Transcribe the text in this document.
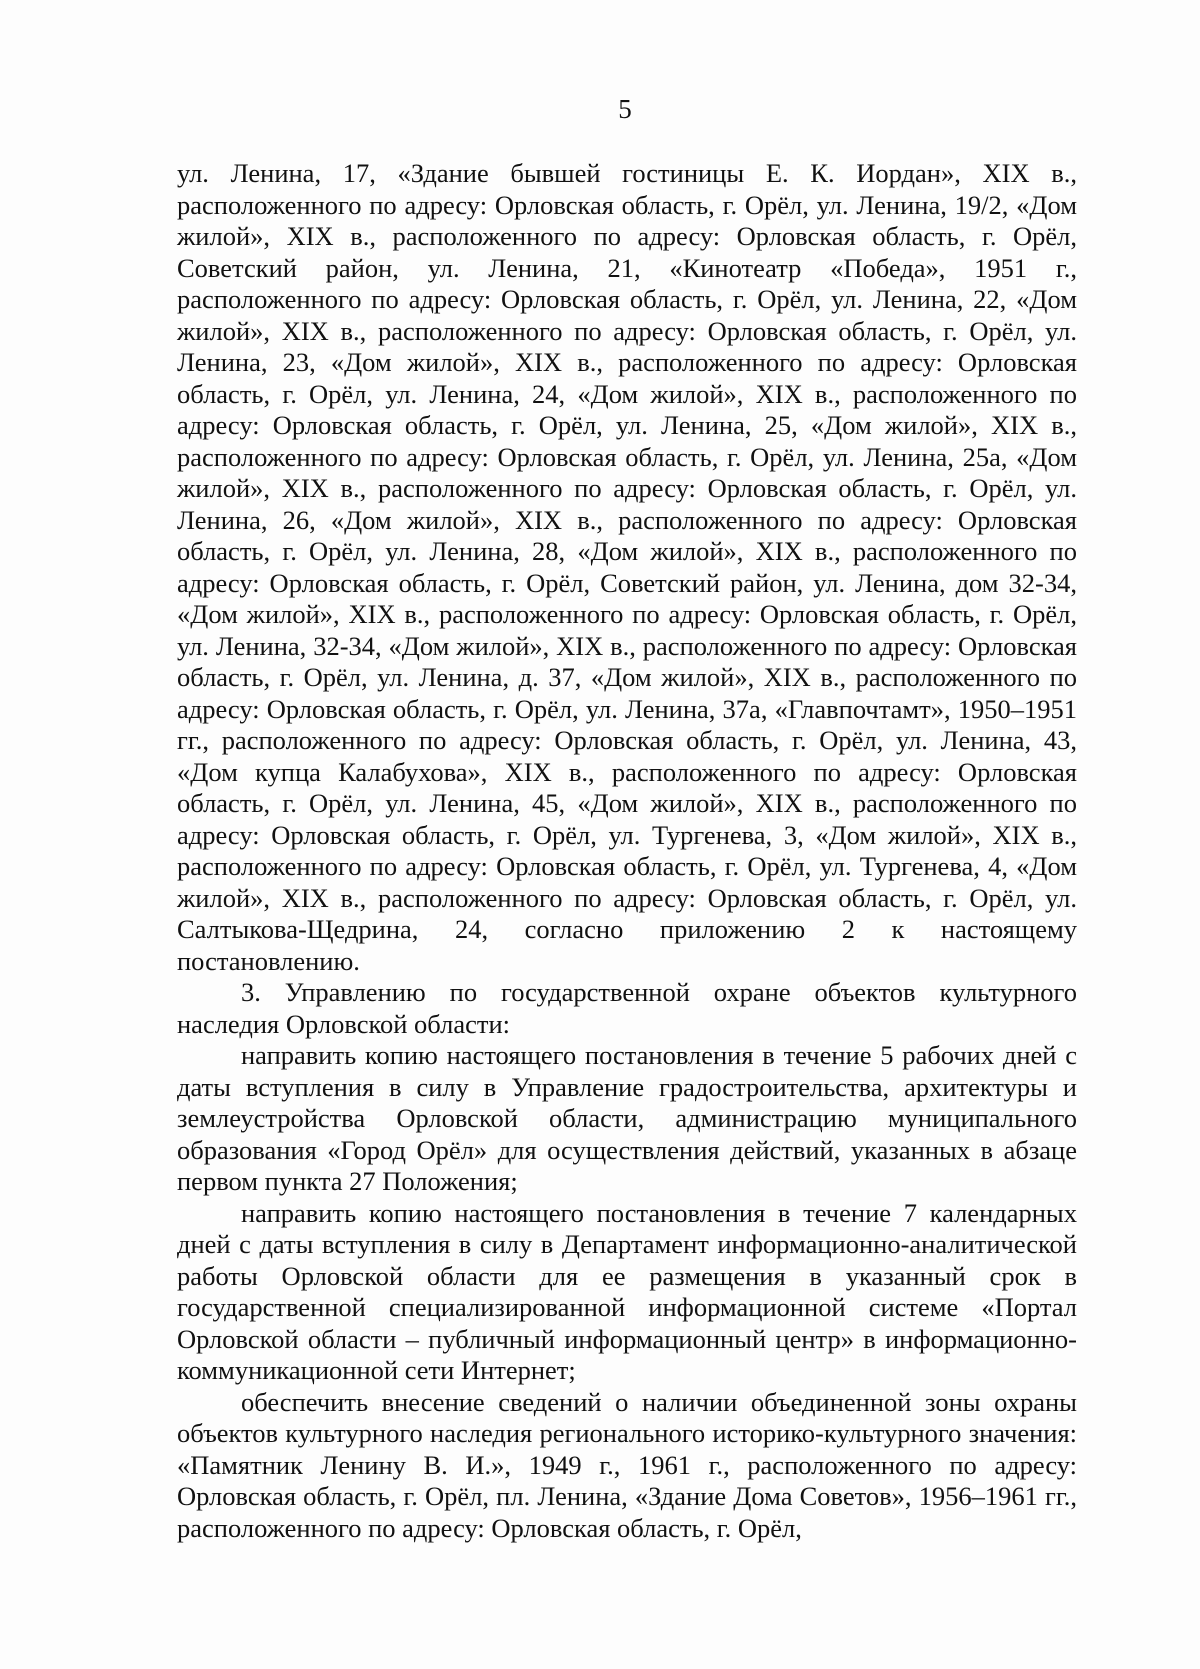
5

ул. Ленина, 17, «Здание бывшей гостиницы Е. К. Иордан», XIX в., расположенного по адресу: Орловская область, г. Орёл, ул. Ленина, 19/2, «Дом жилой», XIX в., расположенного по адресу: Орловская область, г. Орёл, Советский район, ул. Ленина, 21, «Кинотеатр «Победа», 1951 г., расположенного по адресу: Орловская область, г. Орёл, ул. Ленина, 22, «Дом жилой», XIX в., расположенного по адресу: Орловская область, г. Орёл, ул. Ленина, 23, «Дом жилой», XIX в., расположенного по адресу: Орловская область, г. Орёл, ул. Ленина, 24, «Дом жилой», XIX в., расположенного по адресу: Орловская область, г. Орёл, ул. Ленина, 25, «Дом жилой», XIX в., расположенного по адресу: Орловская область, г. Орёл, ул. Ленина, 25а, «Дом жилой», XIX в., расположенного по адресу: Орловская область, г. Орёл, ул. Ленина, 26, «Дом жилой», XIX в., расположенного по адресу: Орловская область, г. Орёл, ул. Ленина, 28, «Дом жилой», XIX в., расположенного по адресу: Орловская область, г. Орёл, Советский район, ул. Ленина, дом 32-34, «Дом жилой», XIX в., расположенного по адресу: Орловская область, г. Орёл, ул. Ленина, 32-34, «Дом жилой», XIX в., расположенного по адресу: Орловская область, г. Орёл, ул. Ленина, д. 37, «Дом жилой», XIX в., расположенного по адресу: Орловская область, г. Орёл, ул. Ленина, 37а, «Главпочтамт», 1950–1951 гг., расположенного по адресу: Орловская область, г. Орёл, ул. Ленина, 43, «Дом купца Калабухова», XIX в., расположенного по адресу: Орловская область, г. Орёл, ул. Ленина, 45, «Дом жилой», XIX в., расположенного по адресу: Орловская область, г. Орёл, ул. Тургенева, 3, «Дом жилой», XIX в., расположенного по адресу: Орловская область, г. Орёл, ул. Тургенева, 4, «Дом жилой», XIX в., расположенного по адресу: Орловская область, г. Орёл, ул. Салтыкова-Щедрина, 24, согласно приложению 2 к настоящему постановлению.

3. Управлению по государственной охране объектов культурного наследия Орловской области:

направить копию настоящего постановления в течение 5 рабочих дней с даты вступления в силу в Управление градостроительства, архитектуры и землеустройства Орловской области, администрацию муниципального образования «Город Орёл» для осуществления действий, указанных в абзаце первом пункта 27 Положения;

направить копию настоящего постановления в течение 7 календарных дней с даты вступления в силу в Департамент информационно-аналитической работы Орловской области для ее размещения в указанный срок в государственной специализированной информационной системе «Портал Орловской области – публичный информационный центр» в информационно-коммуникационной сети Интернет;

обеспечить внесение сведений о наличии объединенной зоны охраны объектов культурного наследия регионального историко-культурного значения: «Памятник Ленину В. И.», 1949 г., 1961 г., расположенного по адресу: Орловская область, г. Орёл, пл. Ленина, «Здание Дома Советов», 1956–1961 гг., расположенного по адресу: Орловская область, г. Орёл,
